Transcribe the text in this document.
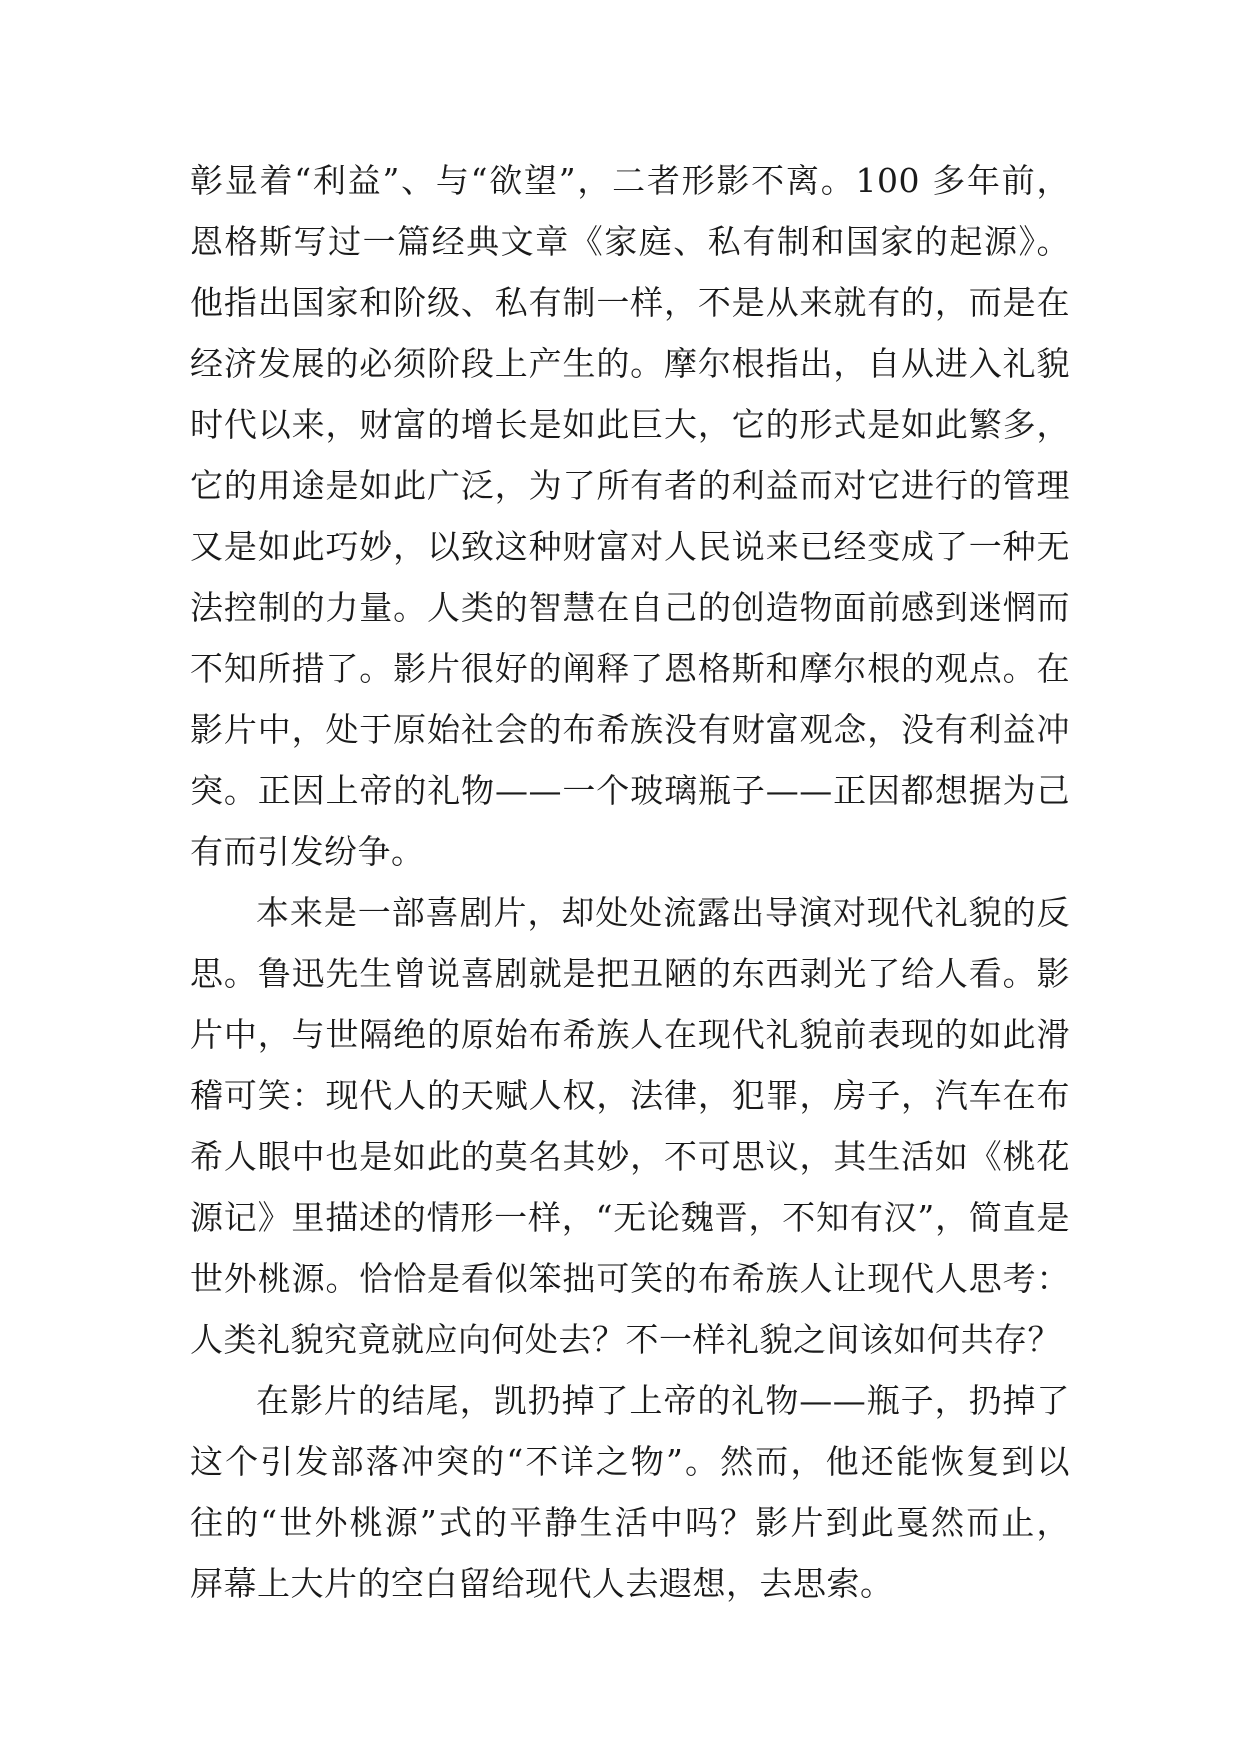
彰显着“利益”、与“欲望”，二者形影不离。100 多年前，
恩格斯写过一篇经典文章《家庭、私有制和国家的起源》。
他指出国家和阶级、私有制一样，不是从来就有的，而是在
经济发展的必须阶段上产生的。摩尔根指出，自从进入礼貌
时代以来，财富的增长是如此巨大，它的形式是如此繁多，
它的用途是如此广泛，为了所有者的利益而对它进行的管理
又是如此巧妙，以致这种财富对人民说来已经变成了一种无
法控制的力量。人类的智慧在自己的创造物面前感到迷惘而
不知所措了。影片很好的阐释了恩格斯和摩尔根的观点。在
影片中，处于原始社会的布希族没有财富观念，没有利益冲
突。正因上帝的礼物——一个玻璃瓶子——正因都想据为己
有而引发纷争。
本来是一部喜剧片，却处处流露出导演对现代礼貌的反
思。鲁迅先生曾说喜剧就是把丑陋的东西剥光了给人看。影
片中，与世隔绝的原始布希族人在现代礼貌前表现的如此滑
稽可笑：现代人的天赋人权，法律，犯罪，房子，汽车在布
希人眼中也是如此的莫名其妙，不可思议，其生活如《桃花
源记》里描述的情形一样，“无论魏晋，不知有汉”，简直是
世外桃源。恰恰是看似笨拙可笑的布希族人让现代人思考：
人类礼貌究竟就应向何处去？不一样礼貌之间该如何共存？
在影片的结尾，凯扔掉了上帝的礼物——瓶子，扔掉了
这个引发部落冲突的“不详之物”。然而，他还能恢复到以
往的“世外桃源”式的平静生活中吗？影片到此戛然而止，
屏幕上大片的空白留给现代人去遐想，去思索。
